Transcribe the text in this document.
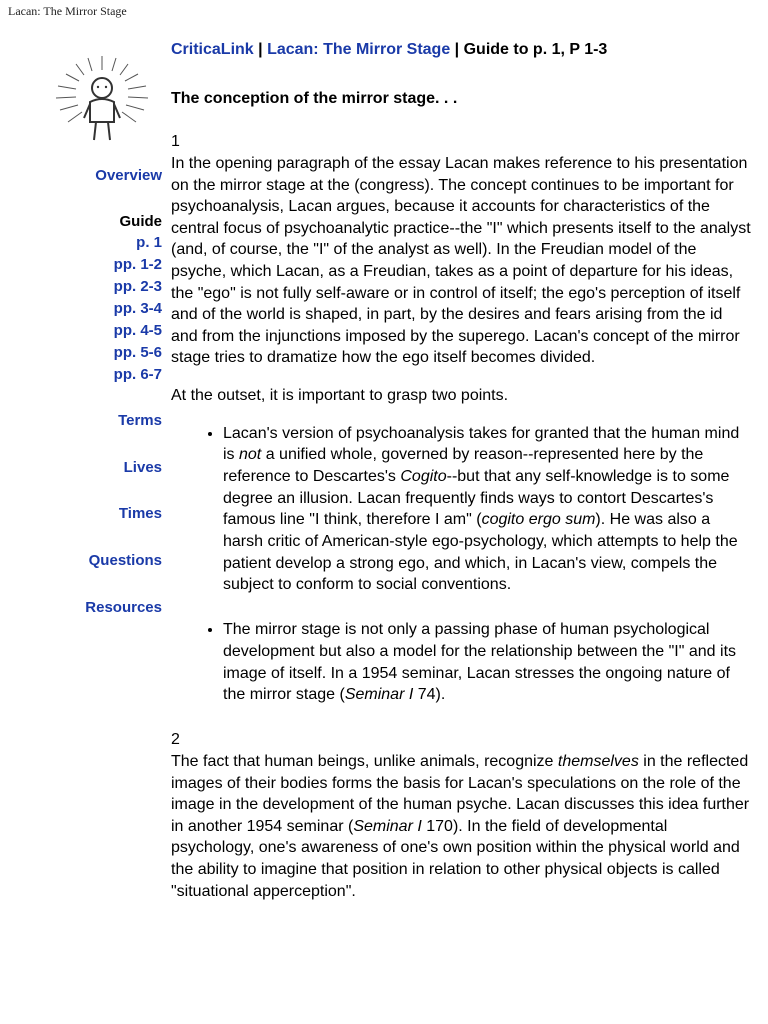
Lacan: The Mirror Stage
Overview
Guide
p. 1
pp. 1-2
pp. 2-3
pp. 3-4
pp. 4-5
pp. 5-6
pp. 6-7
Terms
Lives
Times
Questions
Resources
CriticaLink | Lacan: The Mirror Stage | Guide to p. 1, P 1-3
The conception of the mirror stage. . .
1

In the opening paragraph of the essay Lacan makes reference to his presentation on the mirror stage at the (congress). The concept continues to be important for psychoanalysis, Lacan argues, because it accounts for characteristics of the central focus of psychoanalytic practice--the "I" which presents itself to the analyst (and, of course, the "I" of the analyst as well). In the Freudian model of the psyche, which Lacan, as a Freudian, takes as a point of departure for his ideas, the "ego" is not fully self-aware or in control of itself; the ego's perception of itself and of the world is shaped, in part, by the desires and fears arising from the id and from the injunctions imposed by the superego. Lacan's concept of the mirror stage tries to dramatize how the ego itself becomes divided.

At the outset, it is important to grasp two points.

• Lacan's version of psychoanalysis takes for granted that the human mind is not a unified whole, governed by reason--represented here by the reference to Descartes's Cogito--but that any self-knowledge is to some degree an illusion. Lacan frequently finds ways to contort Descartes's famous line "I think, therefore I am" (cogito ergo sum). He was also a harsh critic of American-style ego-psychology, which attempts to help the patient develop a strong ego, and which, in Lacan's view, compels the subject to conform to social conventions.
• The mirror stage is not only a passing phase of human psychological development but also a model for the relationship between the "I" and its image of itself. In a 1954 seminar, Lacan stresses the ongoing nature of the mirror stage (Seminar I 74).
2

The fact that human beings, unlike animals, recognize themselves in the reflected images of their bodies forms the basis for Lacan's speculations on the role of the image in the development of the human psyche. Lacan discusses this idea further in another 1954 seminar (Seminar I 170). In the field of developmental psychology, one's awareness of one's own position within the physical world and the ability to imagine that position in relation to other physical objects is called "situational apperception".
